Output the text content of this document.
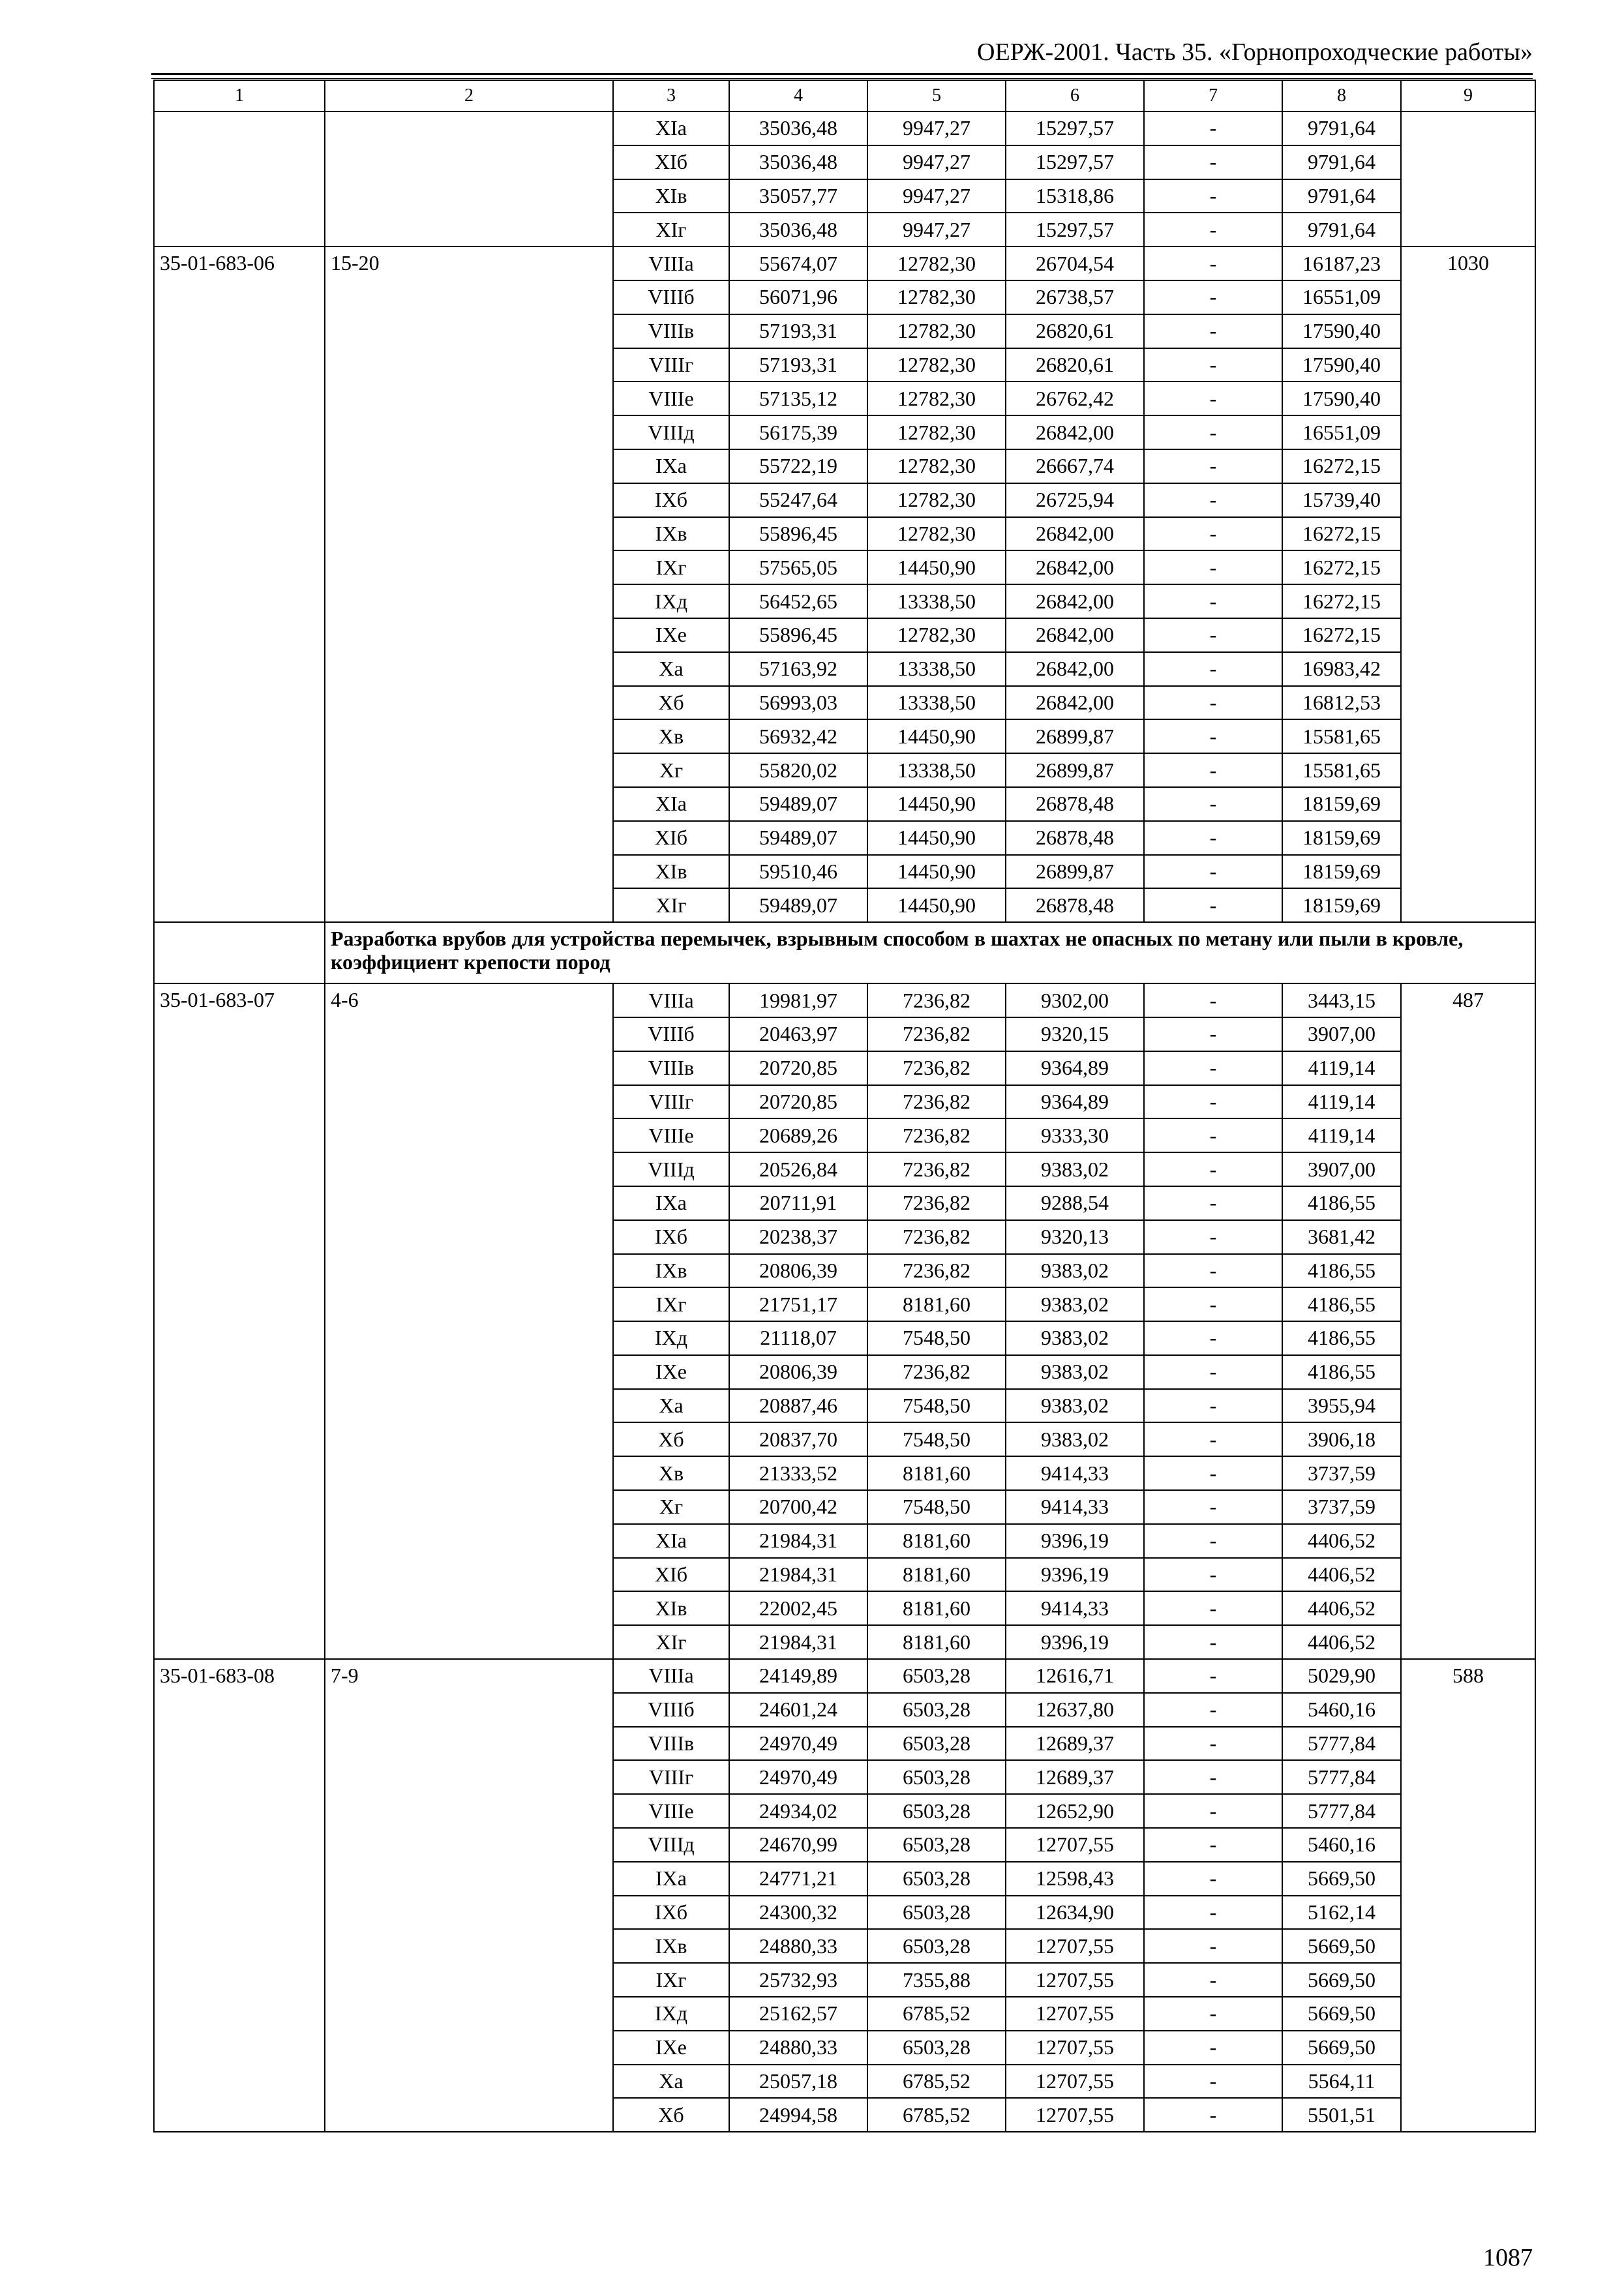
ОЕРЖ-2001. Часть 35. «Горнопроходческие работы»
1	2	3	4	5	6	7	8	9
		XIа	35036,48	9947,27	15297,57	-	9791,64	
		XIб	35036,48	9947,27	15297,57	-	9791,64	
		XIв	35057,77	9947,27	15318,86	-	9791,64	
		XIг	35036,48	9947,27	15297,57	-	9791,64	
35-01-683-06	15-20	VIIIа	55674,07	12782,30	26704,54	-	16187,23	1030
		VIIIб	56071,96	12782,30	26738,57	-	16551,09	
		VIIIв	57193,31	12782,30	26820,61	-	17590,40	
		VIIIг	57193,31	12782,30	26820,61	-	17590,40	
		VIIIе	57135,12	12782,30	26762,42	-	17590,40	
		VIIIд	56175,39	12782,30	26842,00	-	16551,09	
		IXа	55722,19	12782,30	26667,74	-	16272,15	
		IXб	55247,64	12782,30	26725,94	-	15739,40	
		IXв	55896,45	12782,30	26842,00	-	16272,15	
		IXг	57565,05	14450,90	26842,00	-	16272,15	
		IXд	56452,65	13338,50	26842,00	-	16272,15	
		IXе	55896,45	12782,30	26842,00	-	16272,15	
		Xа	57163,92	13338,50	26842,00	-	16983,42	
		Xб	56993,03	13338,50	26842,00	-	16812,53	
		Xв	56932,42	14450,90	26899,87	-	15581,65	
		Xг	55820,02	13338,50	26899,87	-	15581,65	
		XIа	59489,07	14450,90	26878,48	-	18159,69	
		XIб	59489,07	14450,90	26878,48	-	18159,69	
		XIв	59510,46	14450,90	26899,87	-	18159,69	
		XIг	59489,07	14450,90	26878,48	-	18159,69	
	Разработка врубов для устройства перемычек, взрывным способом в шахтах не опасных по метану или пыли в кровле, коэффициент крепости пород							
35-01-683-07	4-6	VIIIа	19981,97	7236,82	9302,00	-	3443,15	487
		VIIIб	20463,97	7236,82	9320,15	-	3907,00	
		VIIIв	20720,85	7236,82	9364,89	-	4119,14	
		VIIIг	20720,85	7236,82	9364,89	-	4119,14	
		VIIIе	20689,26	7236,82	9333,30	-	4119,14	
		VIIIд	20526,84	7236,82	9383,02	-	3907,00	
		IXа	20711,91	7236,82	9288,54	-	4186,55	
		IXб	20238,37	7236,82	9320,13	-	3681,42	
		IXв	20806,39	7236,82	9383,02	-	4186,55	
		IXг	21751,17	8181,60	9383,02	-	4186,55	
		IXд	21118,07	7548,50	9383,02	-	4186,55	
		IXе	20806,39	7236,82	9383,02	-	4186,55	
		Xа	20887,46	7548,50	9383,02	-	3955,94	
		Xб	20837,70	7548,50	9383,02	-	3906,18	
		Xв	21333,52	8181,60	9414,33	-	3737,59	
		Xг	20700,42	7548,50	9414,33	-	3737,59	
		XIа	21984,31	8181,60	9396,19	-	4406,52	
		XIб	21984,31	8181,60	9396,19	-	4406,52	
		XIв	22002,45	8181,60	9414,33	-	4406,52	
		XIг	21984,31	8181,60	9396,19	-	4406,52	
35-01-683-08	7-9	VIIIа	24149,89	6503,28	12616,71	-	5029,90	588
		VIIIб	24601,24	6503,28	12637,80	-	5460,16	
		VIIIв	24970,49	6503,28	12689,37	-	5777,84	
		VIIIг	24970,49	6503,28	12689,37	-	5777,84	
		VIIIе	24934,02	6503,28	12652,90	-	5777,84	
		VIIIд	24670,99	6503,28	12707,55	-	5460,16	
		IXа	24771,21	6503,28	12598,43	-	5669,50	
		IXб	24300,32	6503,28	12634,90	-	5162,14	
		IXв	24880,33	6503,28	12707,55	-	5669,50	
		IXг	25732,93	7355,88	12707,55	-	5669,50	
		IXд	25162,57	6785,52	12707,55	-	5669,50	
		IXе	24880,33	6503,28	12707,55	-	5669,50	
		Xа	25057,18	6785,52	12707,55	-	5564,11	
		Xб	24994,58	6785,52	12707,55	-	5501,51	
1087
